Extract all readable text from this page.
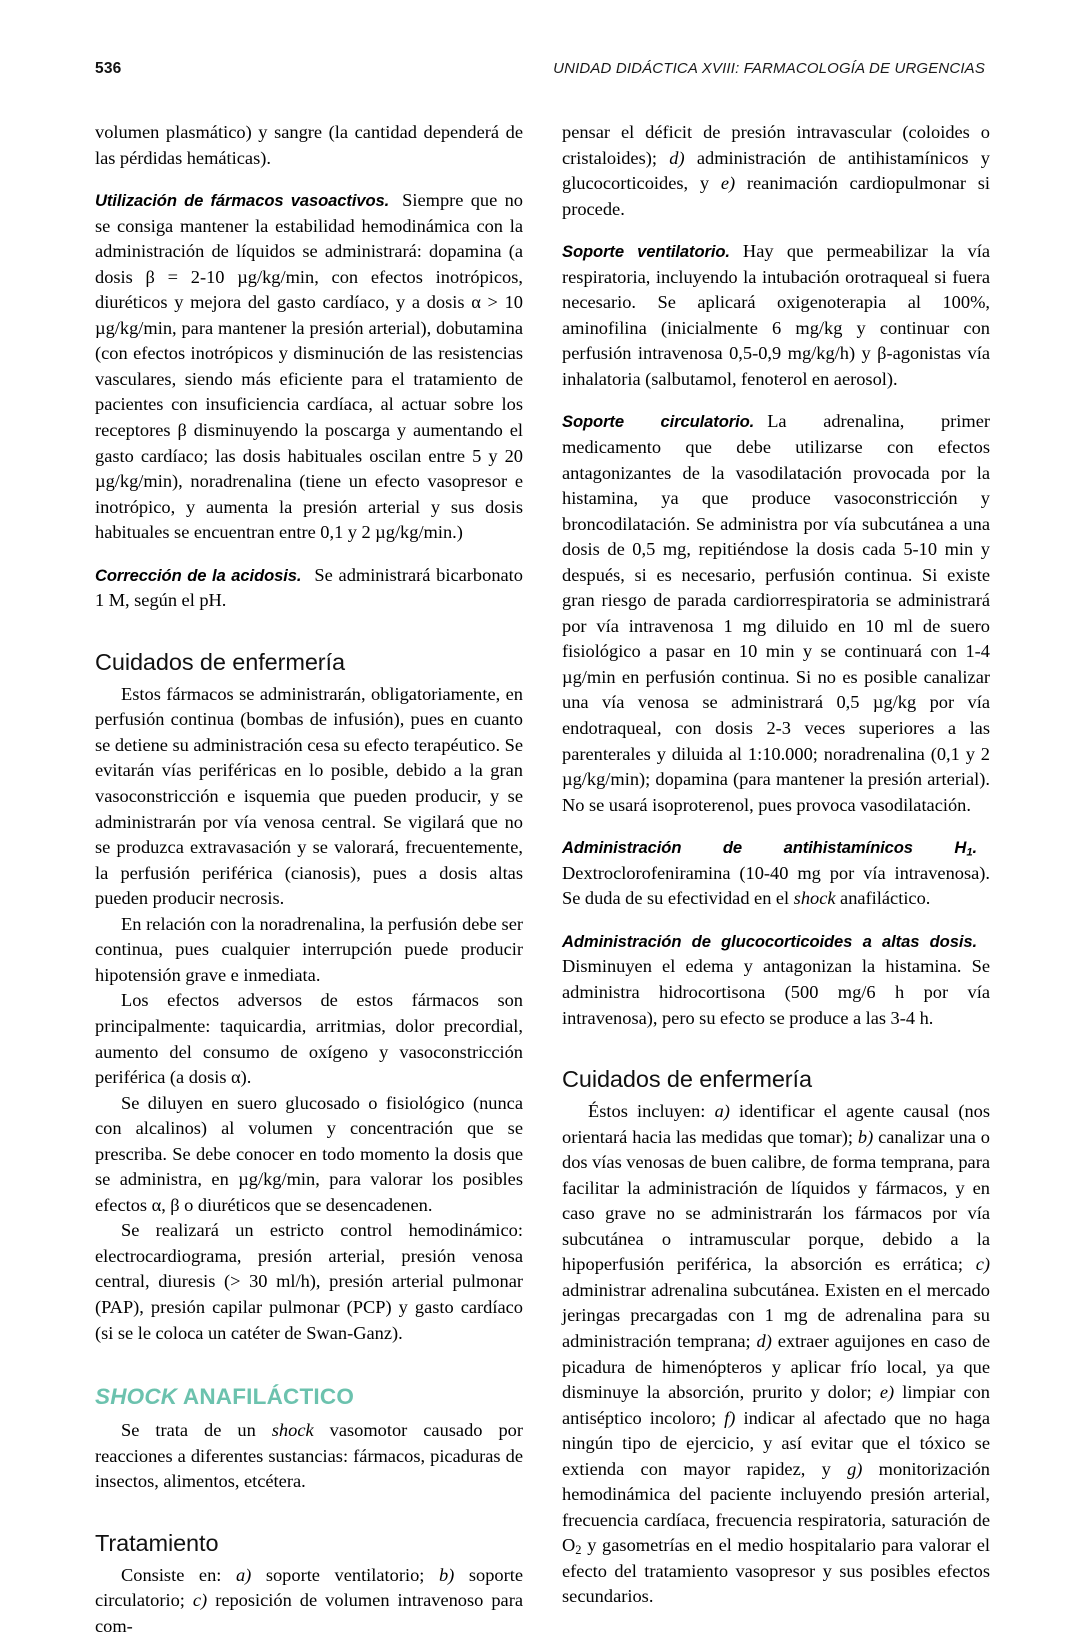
536	UNIDAD DIDÁCTICA XVIII: FARMACOLOGÍA DE URGENCIAS

volumen plasmático) y sangre (la cantidad dependerá de las pérdidas hemáticas).

Utilización de fármacos vasoactivos. Siempre que no se consiga mantener la estabilidad hemodinámica con la administración de líquidos se administrará: dopamina (a dosis β = 2-10 µg/kg/min, con efectos inotrópicos, diuréticos y mejora del gasto cardíaco, y a dosis α > 10 µg/kg/min, para mantener la presión arterial), dobutamina (con efectos inotrópicos y disminución de las resistencias vasculares, siendo más eficiente para el tratamiento de pacientes con insuficiencia cardíaca, al actuar sobre los receptores β disminuyendo la poscarga y aumentando el gasto cardíaco; las dosis habituales oscilan entre 5 y 20 µg/kg/min), noradrenalina (tiene un efecto vasopresor e inotrópico, y aumenta la presión arterial y sus dosis habituales se encuentran entre 0,1 y 2 µg/kg/min.)

Corrección de la acidosis. Se administrará bicarbonato 1 M, según el pH.

Cuidados de enfermería

Estos fármacos se administrarán, obligatoriamente, en perfusión continua (bombas de infusión), pues en cuanto se detiene su administración cesa su efecto terapéutico. Se evitarán vías periféricas en lo posible, debido a la gran vasoconstricción e isquemia que pueden producir, y se administrarán por vía venosa central. Se vigilará que no se produzca extravasación y se valorará, frecuentemente, la perfusión periférica (cianosis), pues a dosis altas pueden producir necrosis.

En relación con la noradrenalina, la perfusión debe ser continua, pues cualquier interrupción puede producir hipotensión grave e inmediata.

Los efectos adversos de estos fármacos son principalmente: taquicardia, arritmias, dolor precordial, aumento del consumo de oxígeno y vasoconstricción periférica (a dosis α).

Se diluyen en suero glucosado o fisiológico (nunca con alcalinos) al volumen y concentración que se prescriba. Se debe conocer en todo momento la dosis que se administra, en µg/kg/min, para valorar los posibles efectos α, β o diuréticos que se desencadenen.

Se realizará un estricto control hemodinámico: electrocardiograma, presión arterial, presión venosa central, diuresis (> 30 ml/h), presión arterial pulmonar (PAP), presión capilar pulmonar (PCP) y gasto cardíaco (si se le coloca un catéter de Swan-Ganz).

SHOCK ANAFILÁCTICO

Se trata de un shock vasomotor causado por reacciones a diferentes sustancias: fármacos, picaduras de insectos, alimentos, etcétera.

Tratamiento

Consiste en: a) soporte ventilatorio; b) soporte circulatorio; c) reposición de volumen intravenoso para com-

pensar el déficit de presión intravascular (coloides o cristaloides); d) administración de antihistamínicos y glucocorticoides, y e) reanimación cardiopulmonar si procede.

Soporte ventilatorio. Hay que permeabilizar la vía respiratoria, incluyendo la intubación orotraqueal si fuera necesario. Se aplicará oxigenoterapia al 100%, aminofilina (inicialmente 6 mg/kg y continuar con perfusión intravenosa 0,5-0,9 mg/kg/h) y β-agonistas vía inhalatoria (salbutamol, fenoterol en aerosol).

Soporte circulatorio. La adrenalina, primer medicamento que debe utilizarse con efectos antagonizantes de la vasodilatación provocada por la histamina, ya que produce vasoconstricción y broncodilatación. Se administra por vía subcutánea a una dosis de 0,5 mg, repitiéndose la dosis cada 5-10 min y después, si es necesario, perfusión continua. Si existe gran riesgo de parada cardiorrespiratoria se administrará por vía intravenosa 1 mg diluido en 10 ml de suero fisiológico a pasar en 10 min y se continuará con 1-4 µg/min en perfusión continua. Si no es posible canalizar una vía venosa se administrará 0,5 µg/kg por vía endotraqueal, con dosis 2-3 veces superiores a las parenterales y diluida al 1:10.000; noradrenalina (0,1 y 2 µg/kg/min); dopamina (para mantener la presión arterial). No se usará isoproterenol, pues provoca vasodilatación.

Administración de antihistamínicos $H_1.Dextroclorofeniramina$ (10-40 mg por vía intravenosa). Se duda de su efectividad en el shock anafiláctico.

Administración de glucocorticoides a altas dosis.Disminuyen el edema y antagonizan la histamina. Se administra hidrocortisona (500 mg/6 h por vía intravenosa), pero su efecto se produce a las 3-4 h.

Cuidados de enfermería

Éstos incluyen: a) identificar el agente causal (nos orientará hacia las medidas que tomar); b) canalizar una o dos vías venosas de buen calibre, de forma temprana, para facilitar la administración de líquidos y fármacos, y en caso grave no se administrarán los fármacos por vía subcutánea o intramuscular porque, debido a la hipoperfusión periférica, la absorción es errática; c) administrar adrenalina subcutánea. Existen en el mercado jeringas precargadas con 1 mg de adrenalina para su administración temprana; d) extraer aguijones en caso de picadura de himenópteros y aplicar frío local, ya que disminuye la absorción, prurito y dolor; e) limpiar con antiséptico incoloro; f) indicar al afectado que no haga ningún tipo de ejercicio, y así evitar que el tóxico se extienda con mayor rapidez, y g) monitorización hemodinámica del paciente incluyendo presión arterial, frecuencia cardíaca, frecuencia respiratoria, saturación de $O_2$ y gasometrías en el medio hospitalario para valorar el efecto del tratamiento vasopresor y sus posibles efectos secundarios.
